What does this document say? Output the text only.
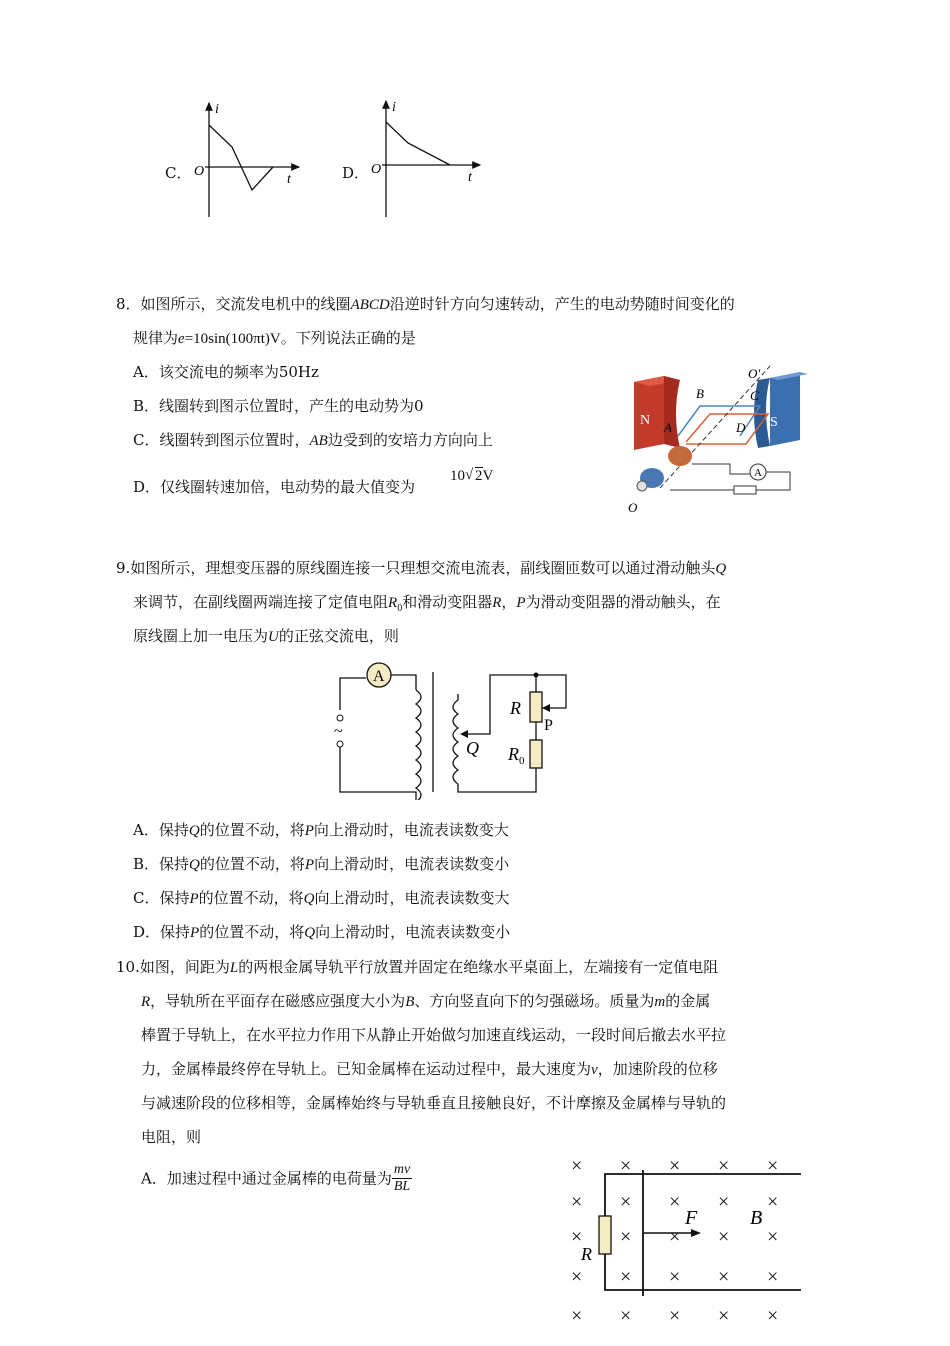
C．
i
O
t	D．
i
O
t
8．如图所示，交流发电机中的线圈ABCD沿逆时针方向匀速转动，产生的电动势随时间变化的
规律为e=10sin(100πt)V。下列说法正确的是
A．该交流电的频率为50Hz
B．线圈转到图示位置时，产生的电动势为0
C．线圈转到图示位置时，AB边受到的安培力方向向上
D．仅线圈转速加倍，电动势的最大值变为
10 √ 2V
N	S
B	C
A	D
O′
A
O
9.如图所示，理想变压器的原线圈连接一只理想交流电流表，副线圈匝数可以通过滑动触头Q
来调节，在副线圈两端连接了定值电阻$R_0$和滑动变阻器R，P为滑动变阻器的滑动触头，在
原线圈上加一电压为U的正弦交流电，则
A
~
Q
R
P
$R_0$
A．保持Q的位置不动，将P向上滑动时，电流表读数变大
B．保持Q的位置不动，将P向上滑动时，电流表读数变小
C．保持P的位置不动，将Q向上滑动时，电流表读数变大
D．保持P的位置不动，将Q向上滑动时，电流表读数变小
10.如图，间距为L的两根金属导轨平行放置并固定在绝缘水平桌面上，左端接有一定值电阻
R，导轨所在平面存在磁感应强度大小为B、方向竖直向下的匀强磁场。质量为m的金属
棒置于导轨上，在水平拉力作用下从静止开始做匀加速直线运动，一段时间后撤去水平拉
力，金属棒最终停在导轨上。已知金属棒在运动过程中，最大速度为v，加速阶段的位移
与减速阶段的位移相等，金属棒始终与导轨垂直且接触良好，不计摩擦及金属棒与导轨的
电阻，则
A．加速过程中通过金属棒的电荷量为 $\frac{mv}{BL}$	× × × × ×
× × × × ×
× × × × ×
× × × × ×
× × × × ×
R
F	B
